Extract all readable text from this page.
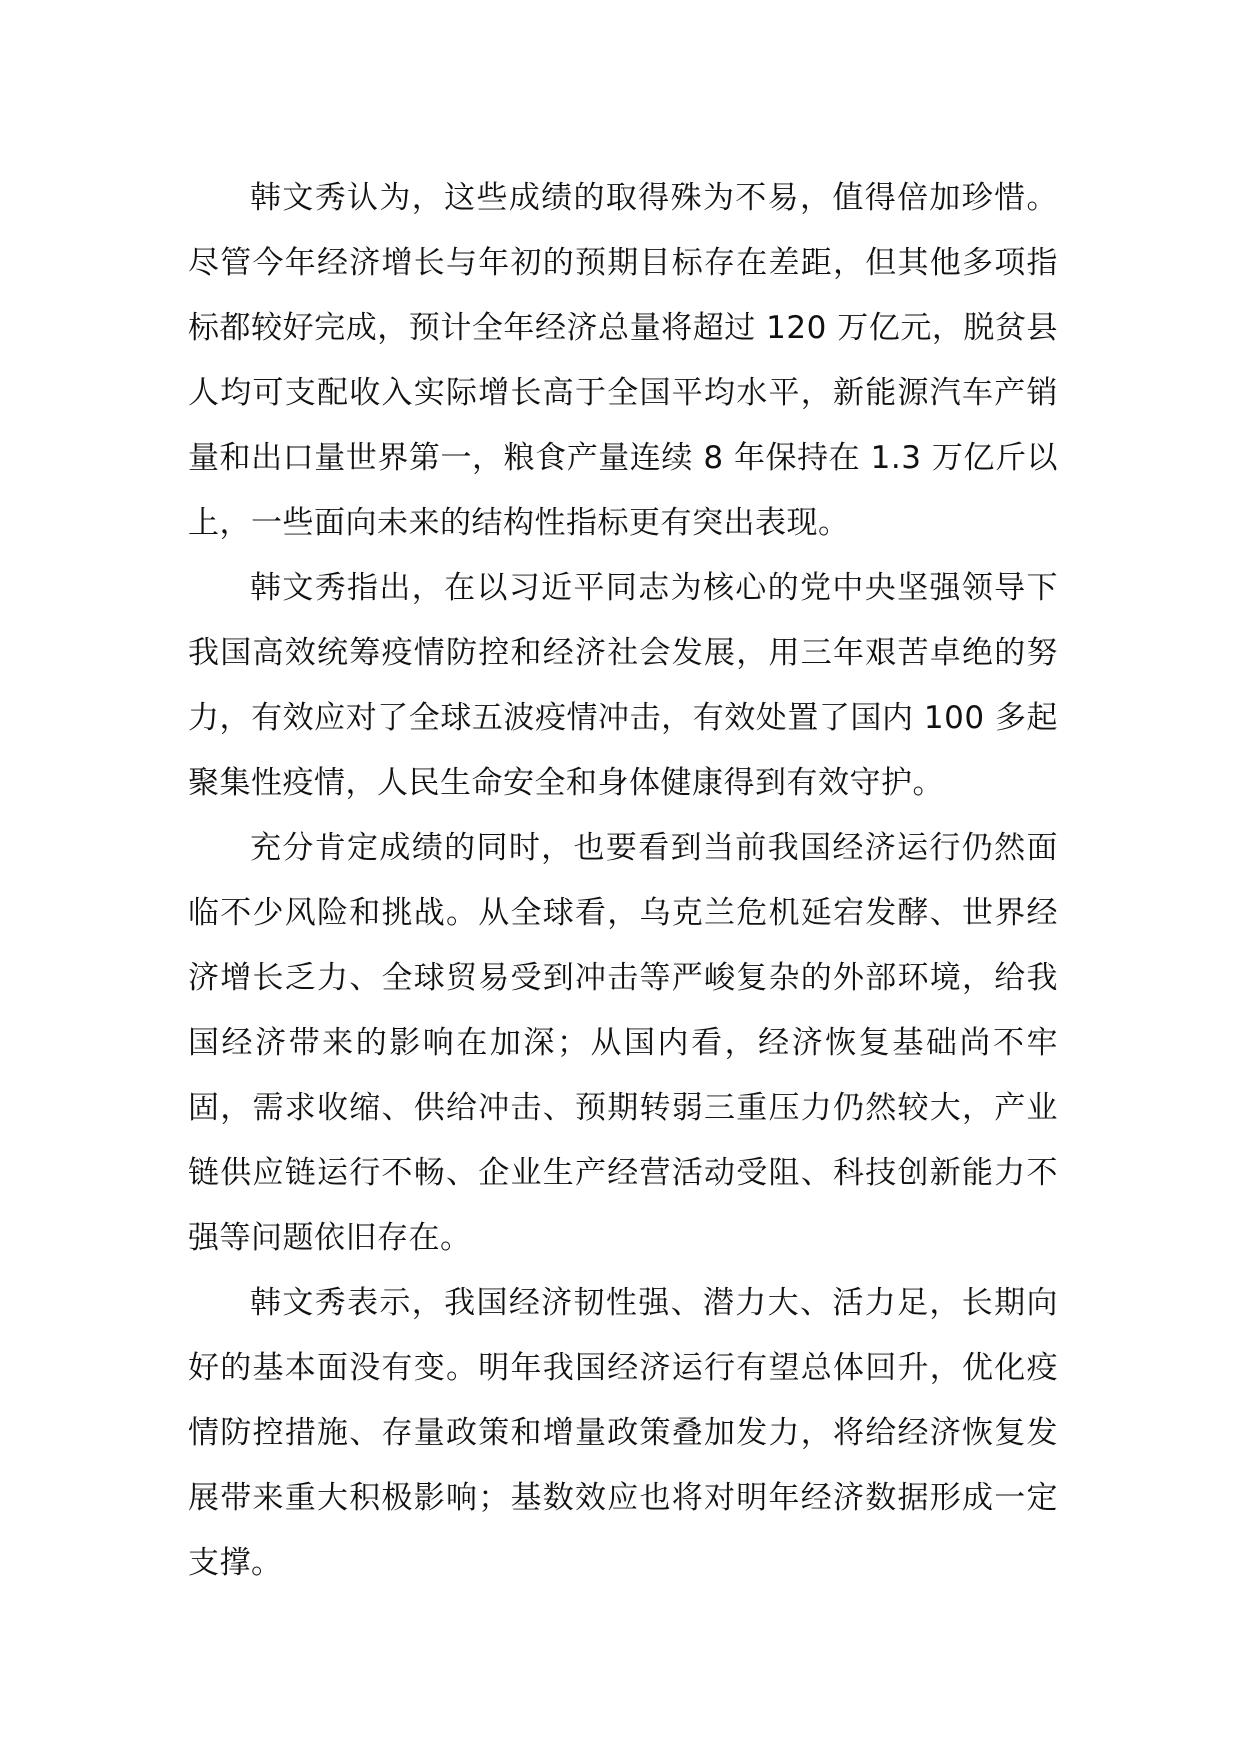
韩文秀认为，这些成绩的取得殊为不易，值得倍加珍惜。尽管今年经济增长与年初的预期目标存在差距，但其他多项指标都较好完成，预计全年经济总量将超过 120 万亿元，脱贫县人均可支配收入实际增长高于全国平均水平，新能源汽车产销量和出口量世界第一，粮食产量连续 8 年保持在 1.3 万亿斤以上，一些面向未来的结构性指标更有突出表现。

韩文秀指出，在以习近平同志为核心的党中央坚强领导下我国高效统筹疫情防控和经济社会发展，用三年艰苦卓绝的努力，有效应对了全球五波疫情冲击，有效处置了国内 100 多起聚集性疫情，人民生命安全和身体健康得到有效守护。

充分肯定成绩的同时，也要看到当前我国经济运行仍然面临不少风险和挑战。从全球看，乌克兰危机延宕发酵、世界经济增长乏力、全球贸易受到冲击等严峻复杂的外部环境，给我国经济带来的影响在加深；从国内看，经济恢复基础尚不牢固，需求收缩、供给冲击、预期转弱三重压力仍然较大，产业链供应链运行不畅、企业生产经营活动受阻、科技创新能力不强等问题依旧存在。

韩文秀表示，我国经济韧性强、潜力大、活力足，长期向好的基本面没有变。明年我国经济运行有望总体回升，优化疫情防控措施、存量政策和增量政策叠加发力，将给经济恢复发展带来重大积极影响；基数效应也将对明年经济数据形成一定支撑。
